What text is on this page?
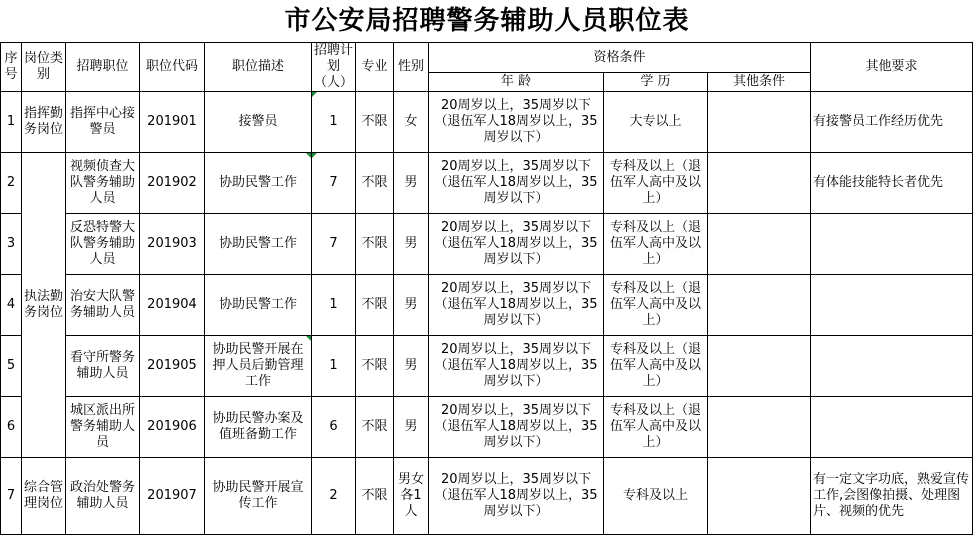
市公安局招聘警务辅助人员职位表
序号	岗位类别	招聘职位	职位代码	职位描述	招聘计划（人）	专业	性别	资格条件			其他要求
								年 龄	学 历	其他条件	
1	指挥勤务岗位	指挥中心接警员	201901	接警员	1	不限	女	20周岁以上，35周岁以下（退伍军人18周岁以上，35周岁以下）	大专以上		有接警员工作经历优先
2	执法勤务岗位	视频侦查大队警务辅助人员	201902	协助民警工作	7	不限	男	20周岁以上，35周岁以下（退伍军人18周岁以上，35周岁以下）	专科及以上（退伍军人高中及以上）		有体能技能特长者优先
3		反恐特警大队警务辅助人员	201903	协助民警工作	7	不限	男	20周岁以上，35周岁以下（退伍军人18周岁以上，35周岁以下）	专科及以上（退伍军人高中及以上）		
4		治安大队警务辅助人员	201904	协助民警工作	1	不限	男	20周岁以上，35周岁以下（退伍军人18周岁以上，35周岁以下）	专科及以上（退伍军人高中及以上）		
5		看守所警务辅助人员	201905	协助民警开展在押人员后勤管理工作	1	不限	男	20周岁以上，35周岁以下（退伍军人18周岁以上，35周岁以下）	专科及以上（退伍军人高中及以上）		
6		城区派出所警务辅助人员	201906	协助民警办案及值班备勤工作	6	不限	男	20周岁以上，35周岁以下（退伍军人18周岁以上，35周岁以下）	专科及以上（退伍军人高中及以上）		
7	综合管理岗位	政治处警务辅助人员	201907	协助民警开展宣传工作	2	不限	男女各1人	20周岁以上，35周岁以下（退伍军人18周岁以上，35周岁以下）	专科及以上		有一定文字功底，熟爱宣传工作,会图像拍摄、处理图片、视频的优先
